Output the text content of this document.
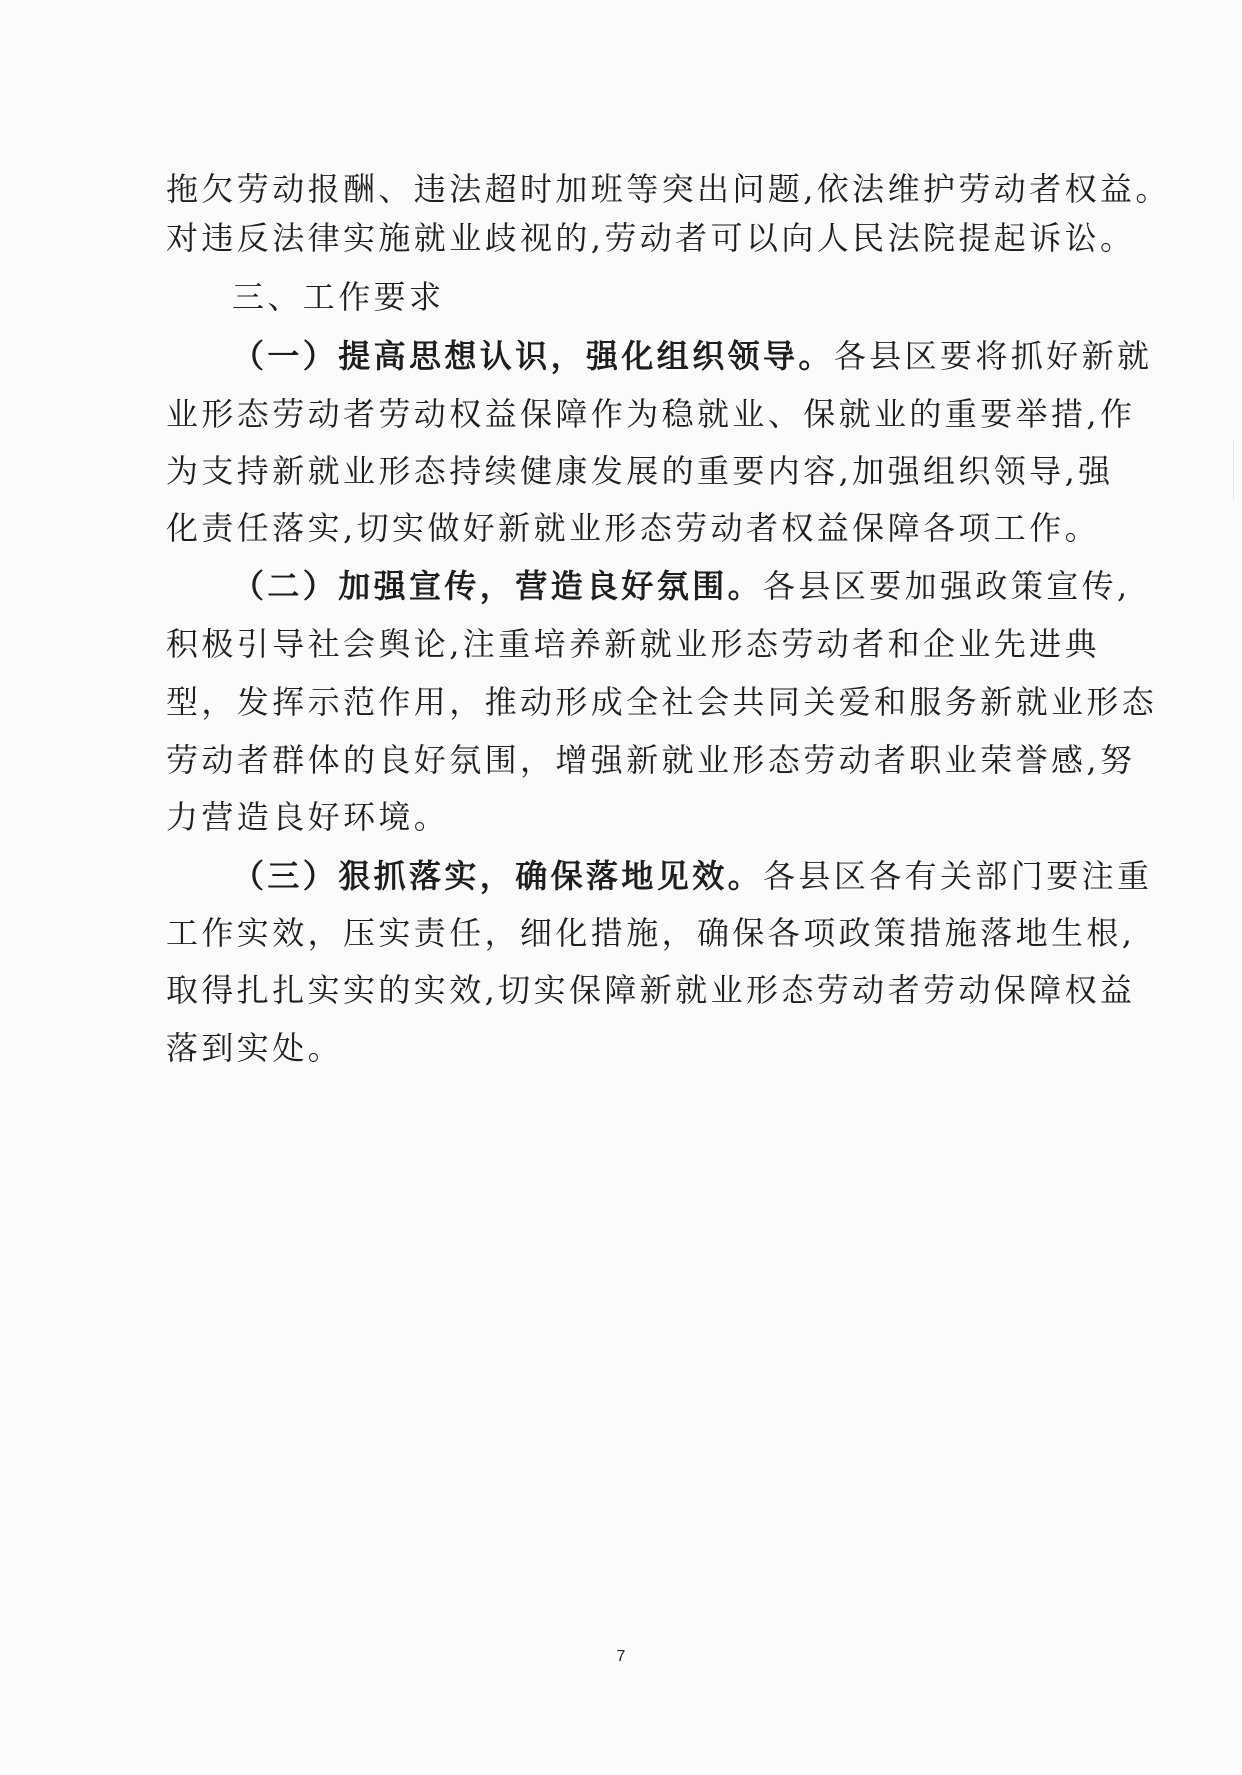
拖欠劳动报酬、违法超时加班等突出问题,依法维护劳动者权益。
对违反法律实施就业歧视的,劳动者可以向人民法院提起诉讼。
三、工作要求
（一）提高思想认识，强化组织领导。各县区要将抓好新就
业形态劳动者劳动权益保障作为稳就业、保就业的重要举措,作
为支持新就业形态持续健康发展的重要内容,加强组织领导,强
化责任落实,切实做好新就业形态劳动者权益保障各项工作。
（二）加强宣传，营造良好氛围。各县区要加强政策宣传,
积极引导社会舆论,注重培养新就业形态劳动者和企业先进典
型，发挥示范作用，推动形成全社会共同关爱和服务新就业形态
劳动者群体的良好氛围，增强新就业形态劳动者职业荣誉感,努
力营造良好环境。
（三）狠抓落实，确保落地见效。各县区各有关部门要注重
工作实效，压实责任，细化措施，确保各项政策措施落地生根,
取得扎扎实实的实效,切实保障新就业形态劳动者劳动保障权益
落到实处。
7
